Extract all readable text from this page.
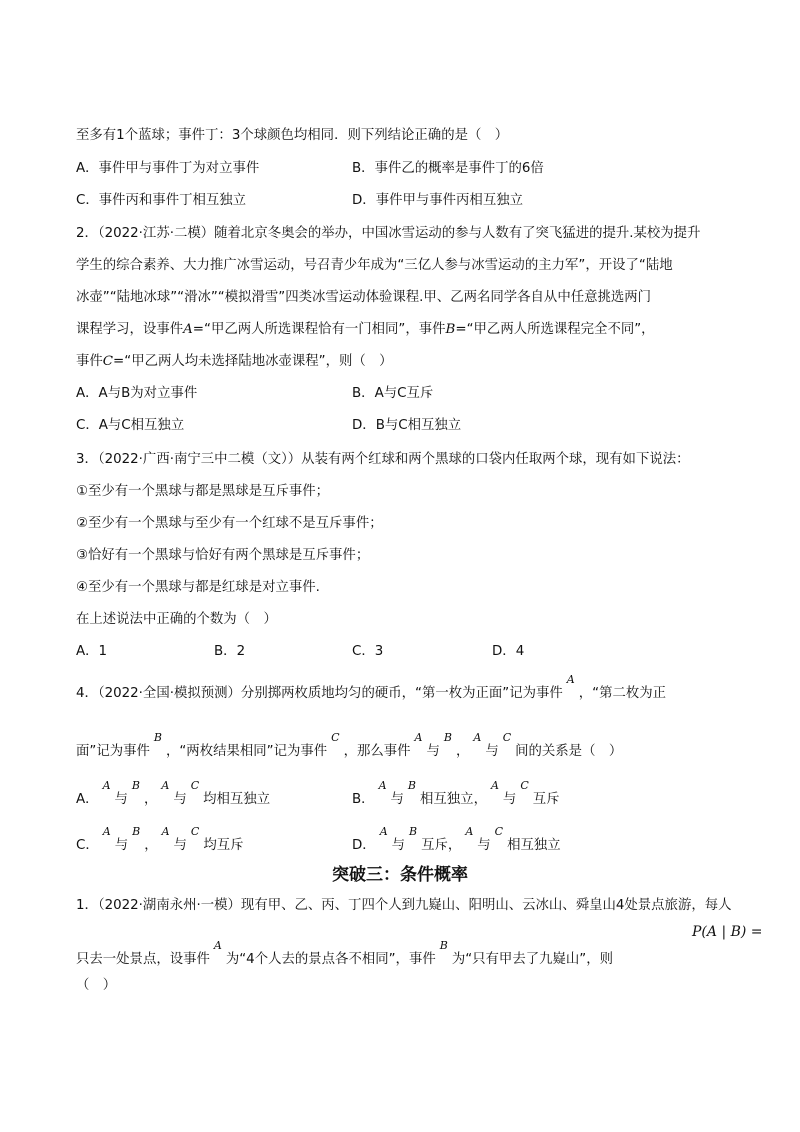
至多有1个蓝球；事件丁：3个球颜色均相同．则下列结论正确的是（　）
A．事件甲与事件丁为对立事件	B．事件乙的概率是事件丁的6倍
C．事件丙和事件丁相互独立	D．事件甲与事件丙相互独立
2．（2022·江苏·二模）随着北京冬奥会的举办，中国冰雪运动的参与人数有了突飞猛进的提升.某校为提升
学生的综合素养、大力推广冰雪运动，号召青少年成为“三亿人参与冰雪运动的主力军”，开设了“陆地
冰壶”“陆地冰球”“滑冰”“模拟滑雪”四类冰雪运动体验课程.甲、乙两名同学各自从中任意挑选两门
课程学习，设事件A=“甲乙两人所选课程恰有一门相同”，事件B=“甲乙两人所选课程完全不同”，
事件C=“甲乙两人均未选择陆地冰壶课程”，则（　）
A．A与B为对立事件	B．A与C互斥
C．A与C相互独立	D．B与C相互独立
3．（2022·广西·南宁三中二模（文））从装有两个红球和两个黑球的口袋内任取两个球，现有如下说法：
①至少有一个黑球与都是黑球是互斥事件；
②至少有一个黑球与至少有一个红球不是互斥事件；
③恰好有一个黑球与恰好有两个黑球是互斥事件；
④至少有一个黑球与都是红球是对立事件.
在上述说法中正确的个数为（　）
A．1	B．2	C．3	D．4
4．（2022·全国·模拟预测）分别掷两枚质地均匀的硬币，“第一枚为正面”记为事件$^A$，“第二枚为正
面”记为事件$^B$，“两枚结果相同”记为事件$^C$，那么事件$^A$与$^B$，$^A$与$^C$间的关系是（　）
A．$^A$与$^B$，$^A$与$^C$均相互独立	B．$^A$与$^B$相互独立，$^A$与$^C$互斥
C．$^A$与$^B$，$^A$与$^C$均互斥	D．$^A$与$^B$互斥，$^A$与$^C$相互独立
突破三：条件概率
1．（2022·湖南永州·一模）现有甲、乙、丙、丁四个人到九嶷山、阳明山、云冰山、舜皇山4处景点旅游，每人
只去一处景点，设事件$^A$为“4个人去的景点各不相同”，事件$^B$为“只有甲去了九嶷山”，则
P(A | B) =
（　）
